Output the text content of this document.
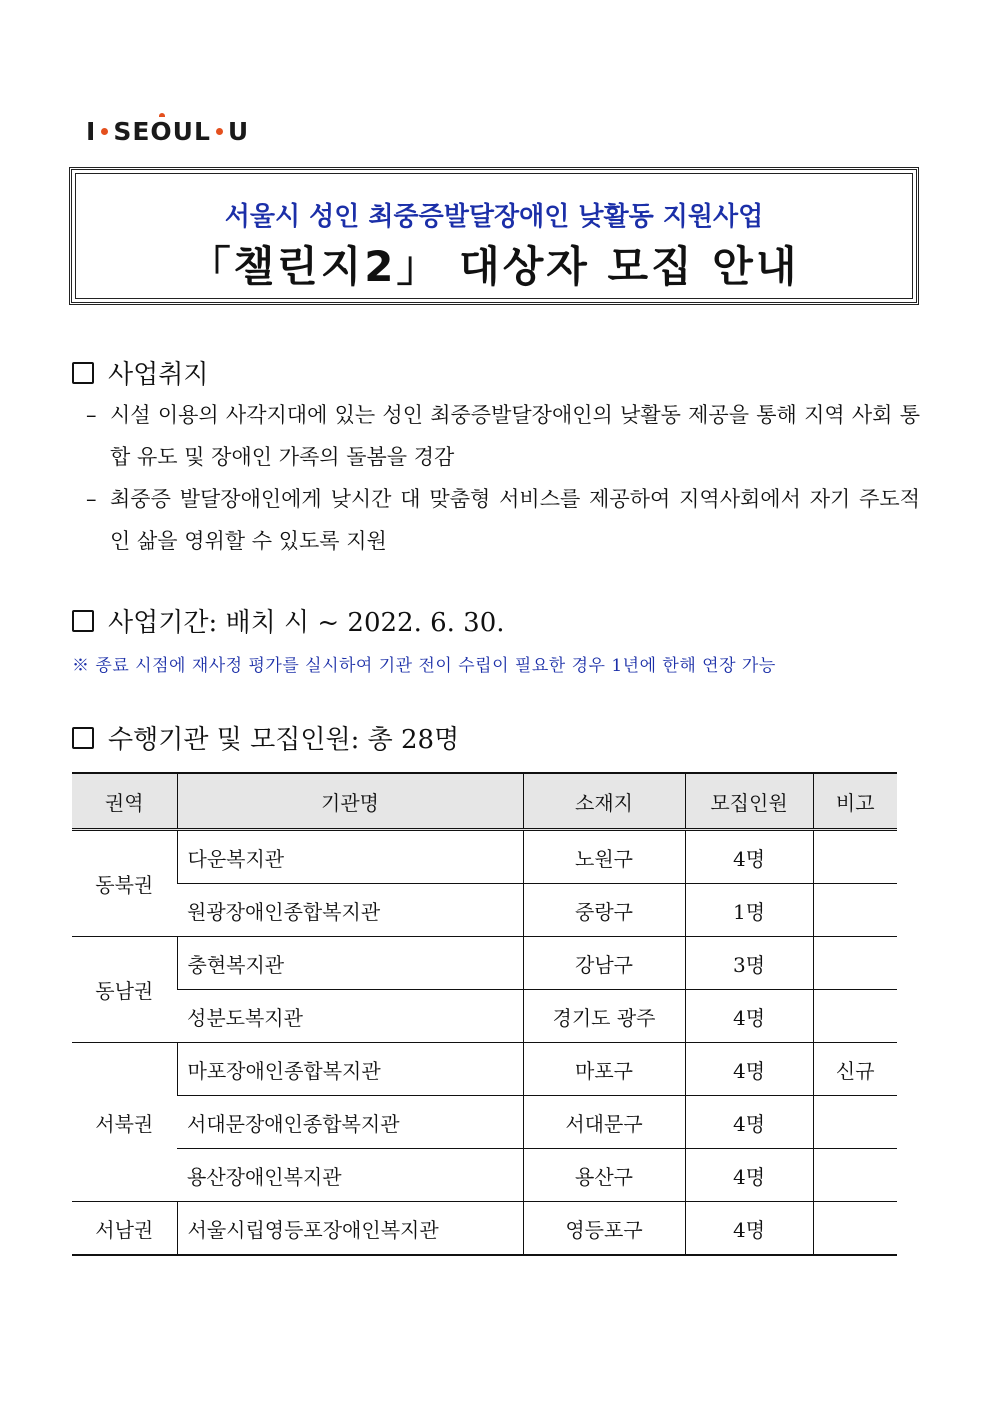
I SE O UL U
서울시 성인 최중증발달장애인 낮활동 지원사업
「챌린지2」 대상자 모집 안내
사업취지
– 시설 이용의 사각지대에 있는 성인 최중증발달장애인의 낮활동 제공을 통해 지역 사회 통합 유도 및 장애인 가족의 돌봄을 경감
– 최중증 발달장애인에게 낮시간 대 맞춤형 서비스를 제공하여 지역사회에서 자기 주도적인 삶을 영위할 수 있도록 지원
사업기간: 배치 시 ~ 2022. 6. 30.
※ 종료 시점에 재사정 평가를 실시하여 기관 전이 수립이 필요한 경우 1년에 한해 연장 가능
수행기관 및 모집인원: 총 28명
권역	기관명	소재지	모집인원	비고
동북권	다운복지관	노원구	4명	
	원광장애인종합복지관	중랑구	1명	
동남권	충현복지관	강남구	3명	
	성분도복지관	경기도 광주	4명	
서북권	마포장애인종합복지관	마포구	4명	신규
	서대문장애인종합복지관	서대문구	4명	
	용산장애인복지관	용산구	4명	
서남권	서울시립영등포장애인복지관	영등포구	4명	
